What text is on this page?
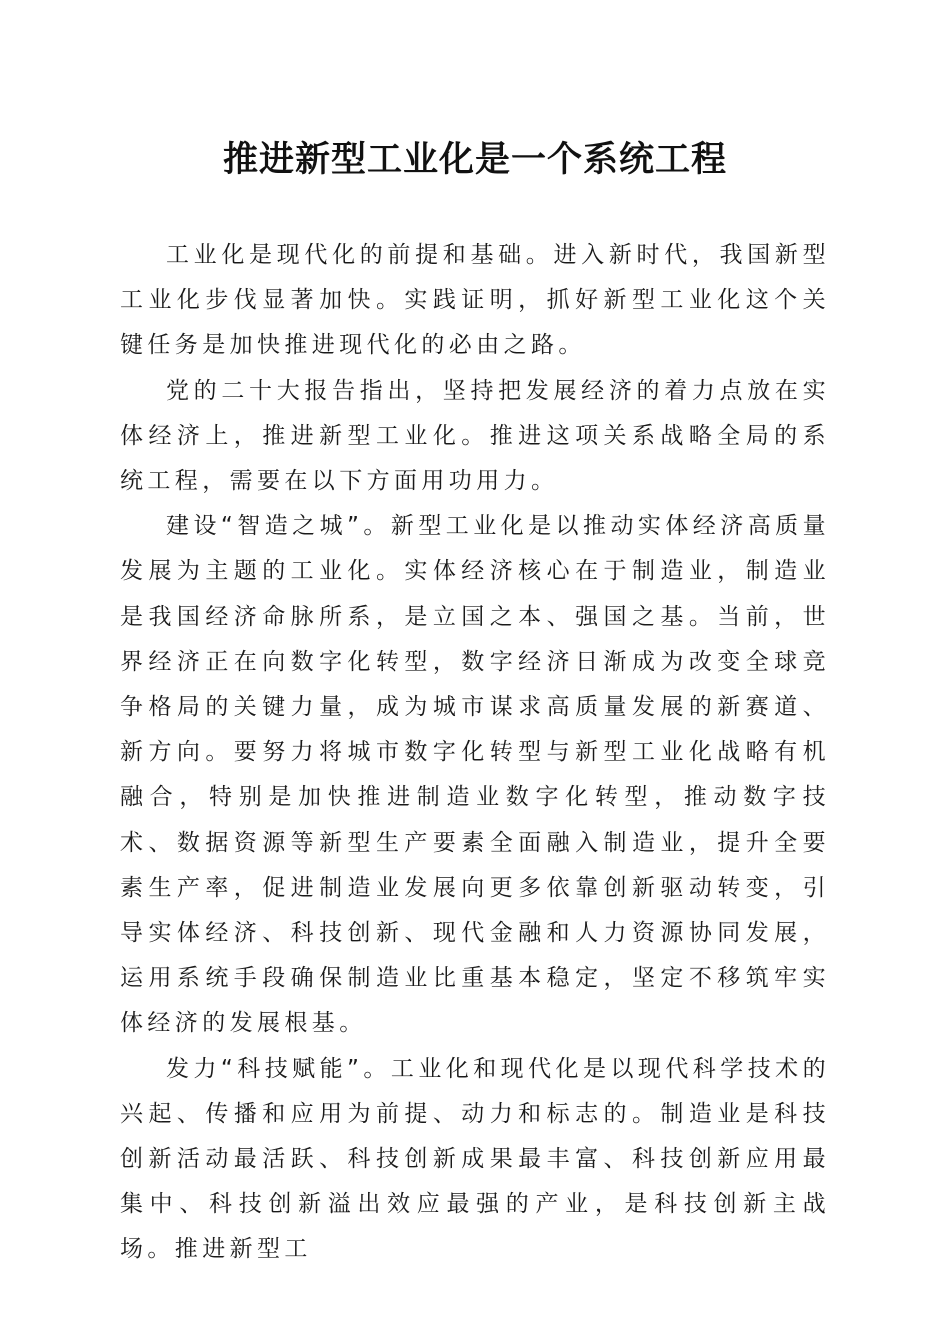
推进新型工业化是一个系统工程

工业化是现代化的前提和基础。进入新时代，我国新型工业化步伐显著加快。实践证明，抓好新型工业化这个关键任务是加快推进现代化的必由之路。

党的二十大报告指出，坚持把发展经济的着力点放在实体经济上，推进新型工业化。推进这项关系战略全局的系统工程，需要在以下方面用功用力。

建设“智造之城”。新型工业化是以推动实体经济高质量发展为主题的工业化。实体经济核心在于制造业，制造业是我国经济命脉所系，是立国之本、强国之基。当前，世界经济正在向数字化转型，数字经济日渐成为改变全球竞争格局的关键力量，成为城市谋求高质量发展的新赛道、新方向。要努力将城市数字化转型与新型工业化战略有机融合，特别是加快推进制造业数字化转型，推动数字技术、数据资源等新型生产要素全面融入制造业，提升全要素生产率，促进制造业发展向更多依靠创新驱动转变，引导实体经济、科技创新、现代金融和人力资源协同发展，运用系统手段确保制造业比重基本稳定，坚定不移筑牢实体经济的发展根基。

发力“科技赋能”。工业化和现代化是以现代科学技术的兴起、传播和应用为前提、动力和标志的。制造业是科技创新活动最活跃、科技创新成果最丰富、科技创新应用最集中、科技创新溢出效应最强的产业，是科技创新主战场。推进新型工
